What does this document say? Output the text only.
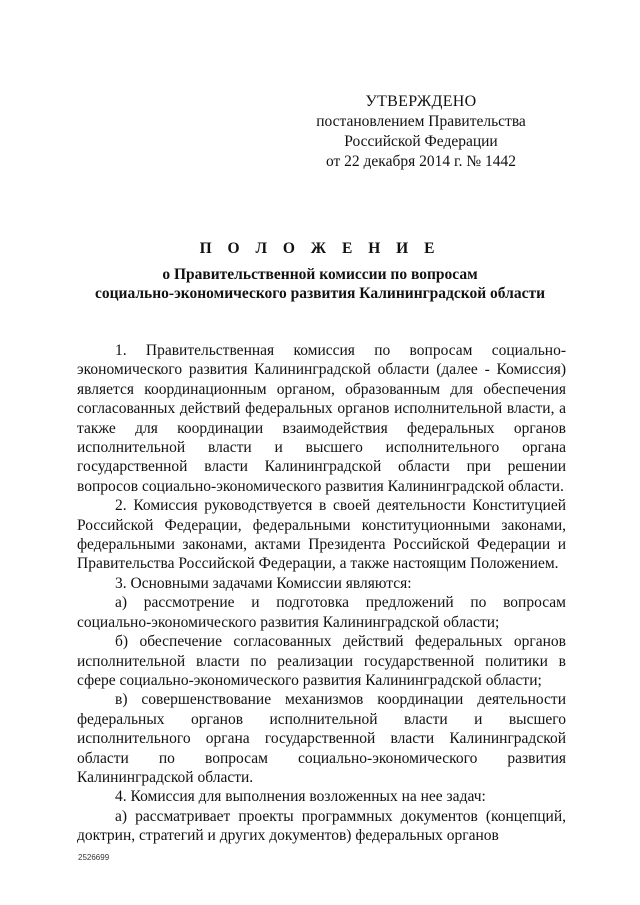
УТВЕРЖДЕНО
постановлением Правительства
Российской Федерации
от 22 декабря 2014 г. № 1442
П О Л О Ж Е Н И Е
о Правительственной комиссии по вопросам
социально-экономического развития Калининградской области

1. Правительственная комиссия по вопросам социально-экономического развития Калининградской области (далее - Комиссия) является координационным органом, образованным для обеспечения согласованных действий федеральных органов исполнительной власти, а также для координации взаимодействия федеральных органов исполнительной власти и высшего исполнительного органа государственной власти Калининградской области при решении вопросов социально-экономического развития Калининградской области.

2. Комиссия руководствуется в своей деятельности Конституцией Российской Федерации, федеральными конституционными законами, федеральными законами, актами Президента Российской Федерации и Правительства Российской Федерации, а также настоящим Положением.

3. Основными задачами Комиссии являются:

а) рассмотрение и подготовка предложений по вопросам социально-экономического развития Калининградской области;

б) обеспечение согласованных действий федеральных органов исполнительной власти по реализации государственной политики в сфере социально-экономического развития Калининградской области;

в) совершенствование механизмов координации деятельности федеральных органов исполнительной власти и высшего исполнительного органа государственной власти Калининградской области по вопросам социально-экономического развития Калининградской области.

4. Комиссия для выполнения возложенных на нее задач:

а) рассматривает проекты программных документов (концепций, доктрин, стратегий и других документов) федеральных органов

2526699
